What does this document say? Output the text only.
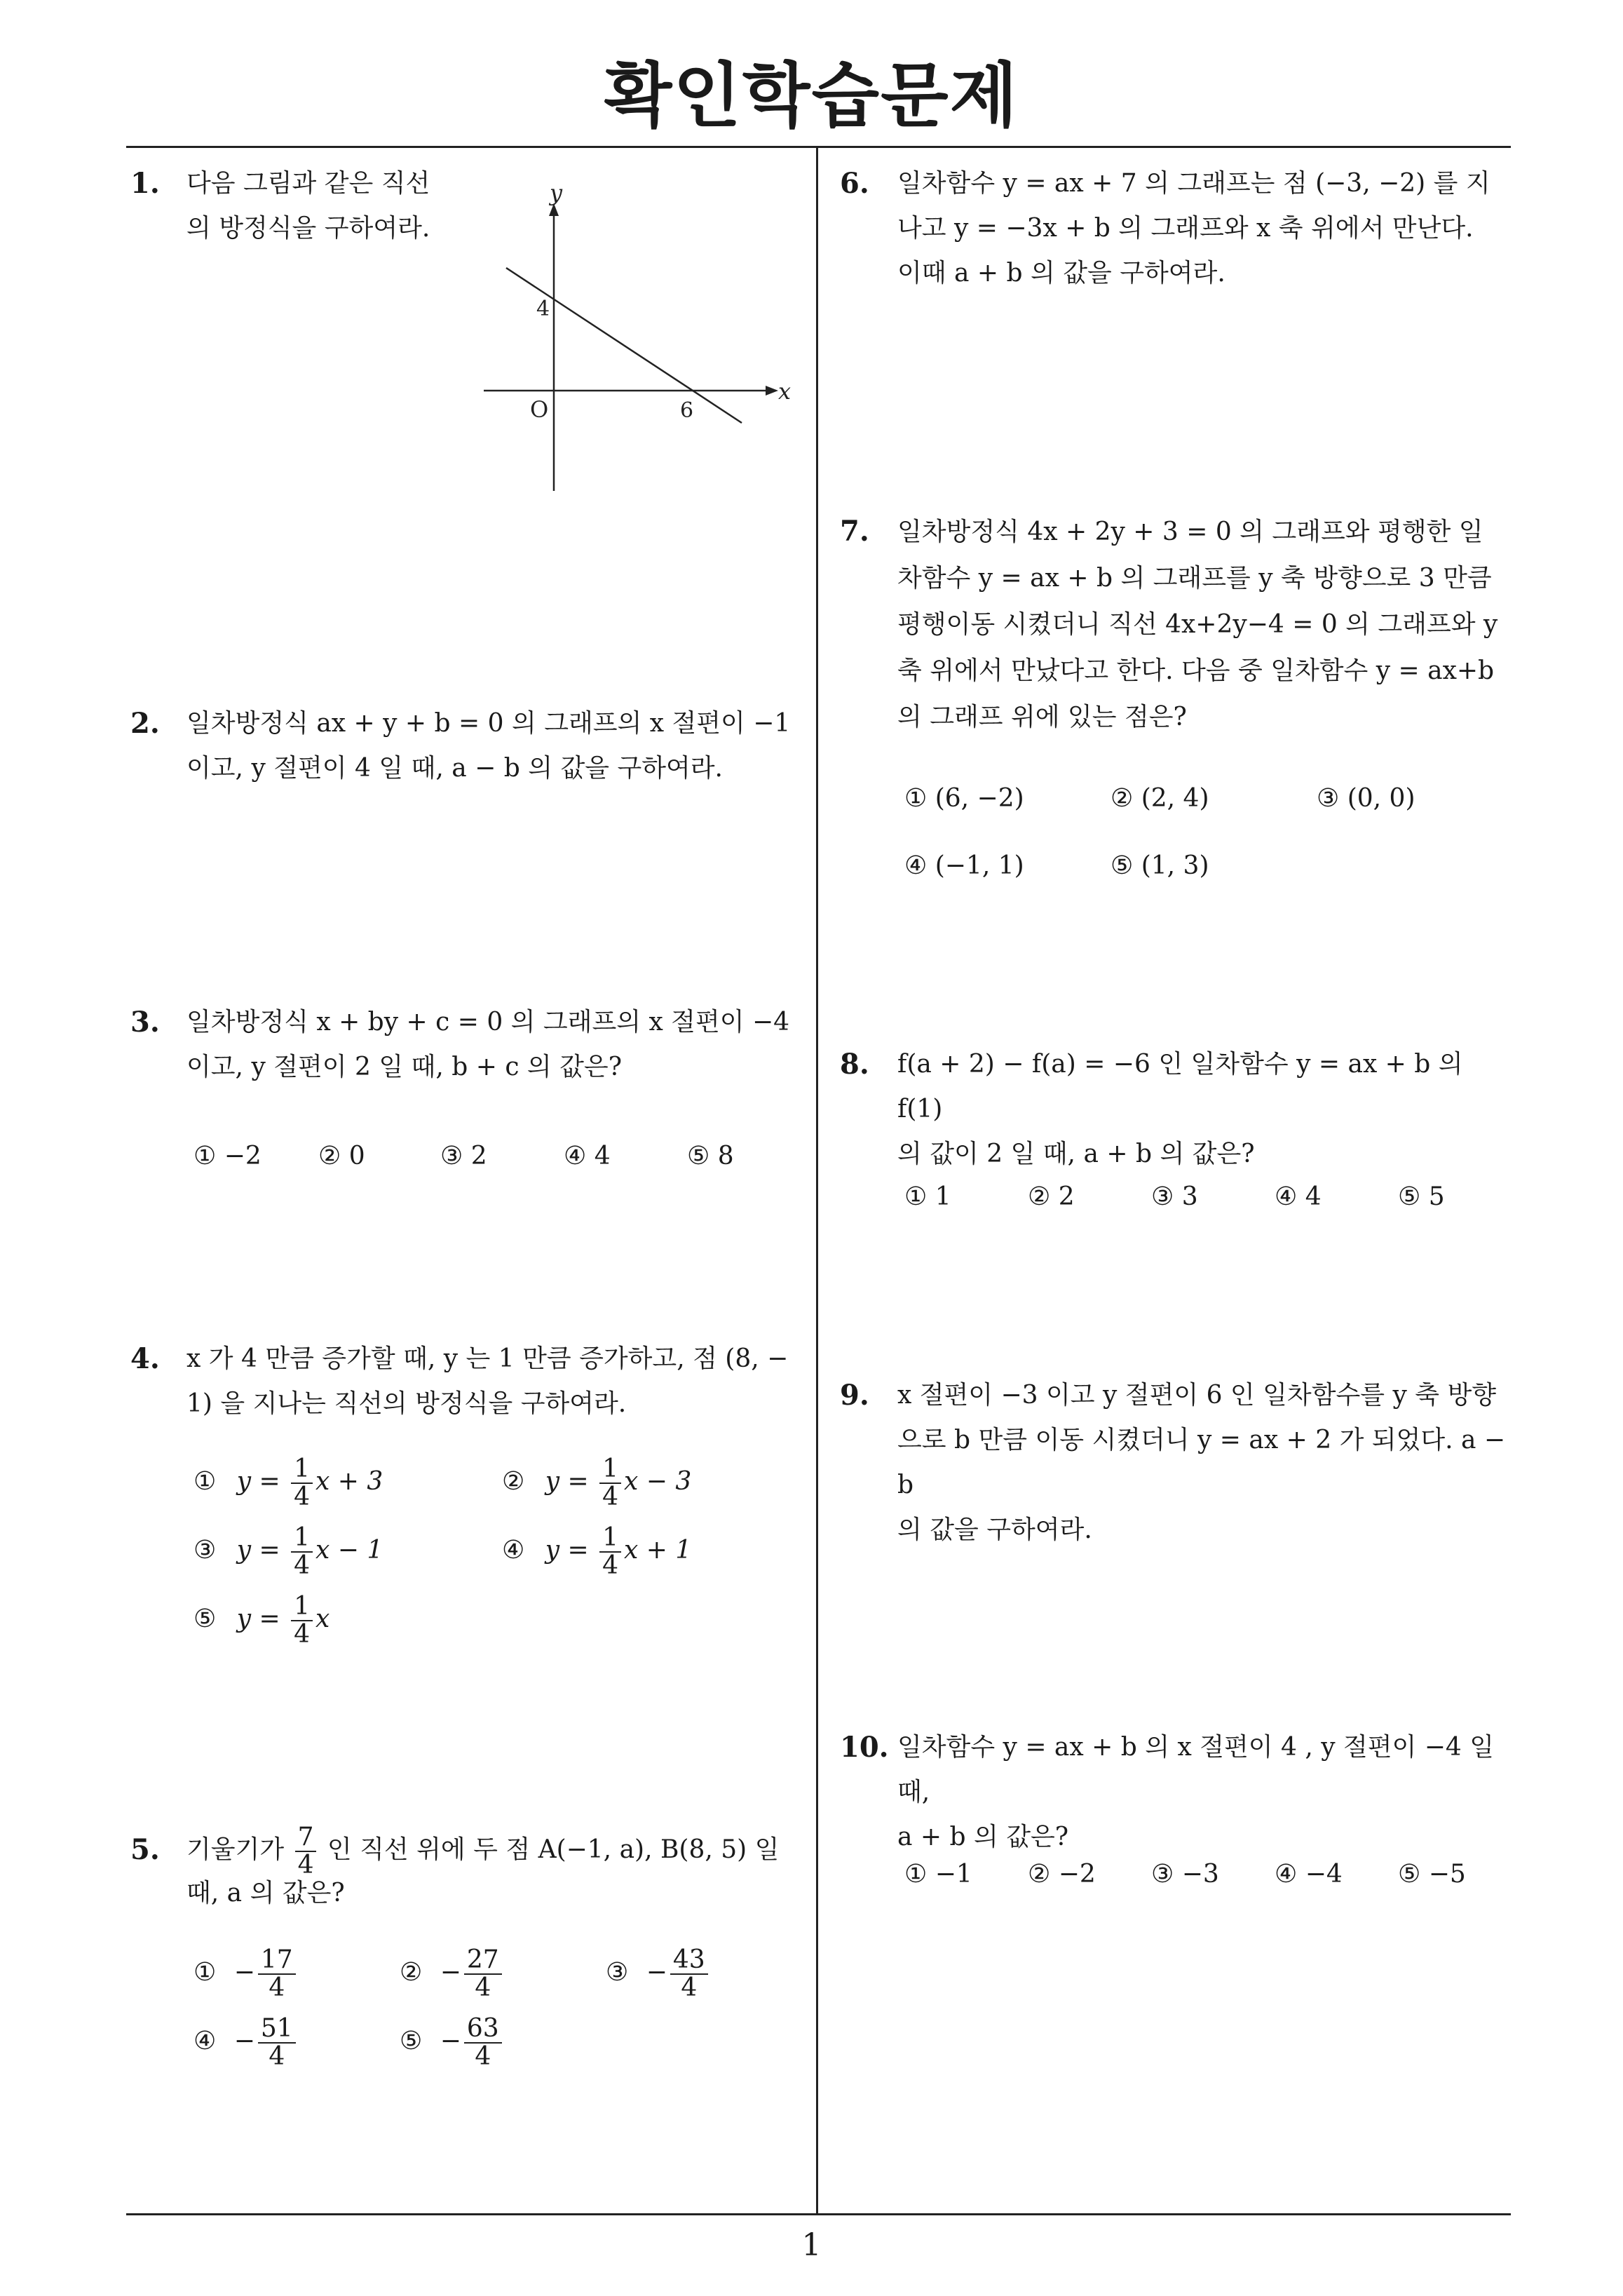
확인학습문제
1. 다음 그림과 같은 직선
의 방정식을 구하여라.
y
x
O
4
6
2. 일차방정식 ax + y + b = 0 의 그래프의 x 절편이 −1
이고, y 절편이 4 일 때, a − b 의 값을 구하여라.
3. 일차방정식 x + by + c = 0 의 그래프의 x 절편이 −4
이고, y 절편이 2 일 때, b + c 의 값은?
① −2 ② 0	③ 2	④ 4	⑤ 8
4. x 가 4 만큼 증가할 때, y 는 1 만큼 증가하고, 점 (8, −
1) 을 지나는 직선의 방정식을 구하여라.
① $y = \frac{1}{4}$ x + 3	② $y = \frac{1}{4}$ x − 3
③ $y = \frac{1}{4}$ x − 1	④ $y = \frac{1}{4}$ x + 1
⑤ $y = \frac{1}{4}$ x
5. 기울기가 $\frac{7}{4}$ 인 직선 위에 두 점 A(−1, a), B(8, 5) 일
때, a 의 값은?
① − $\frac{17}{4}$	② − $\frac{27}{4}$	③ − $\frac{43}{4}$
④ − $\frac{51}{4}$	⑤ − $\frac{63}{4}$
6. 일차함수 y = ax + 7 의 그래프는 점 (−3, −2) 를 지
나고 y = −3x + b 의 그래프와 x 축 위에서 만난다.
이때 a + b 의 값을 구하여라.
7. 일차방정식 4x + 2y + 3 = 0 의 그래프와 평행한 일
차함수 y = ax + b 의 그래프를 y 축 방향으로 3 만큼
평행이동 시켰더니 직선 4x+2y−4 = 0 의 그래프와 y
축 위에서 만났다고 한다. 다음 중 일차함수 y = ax+b
의 그래프 위에 있는 점은?
① (6, −2)	② (2, 4)	③ (0, 0)
④ (−1, 1)	⑤ (1, 3)
8. f(a + 2) − f(a) = −6 인 일차함수 y = ax + b 의 f(1)
의 값이 2 일 때, a + b 의 값은?
① 1	② 2	③ 3	④ 4	⑤ 5
9. x 절편이 −3 이고 y 절편이 6 인 일차함수를 y 축 방향
으로 b 만큼 이동 시켰더니 y = ax + 2 가 되었다. a − b
의 값을 구하여라.
10. 일차함수 y = ax + b 의 x 절편이 4 , y 절편이 −4 일 때,
a + b 의 값은?
① −1 ② −2 ③ −3 ④ −4 ⑤ −5
1
